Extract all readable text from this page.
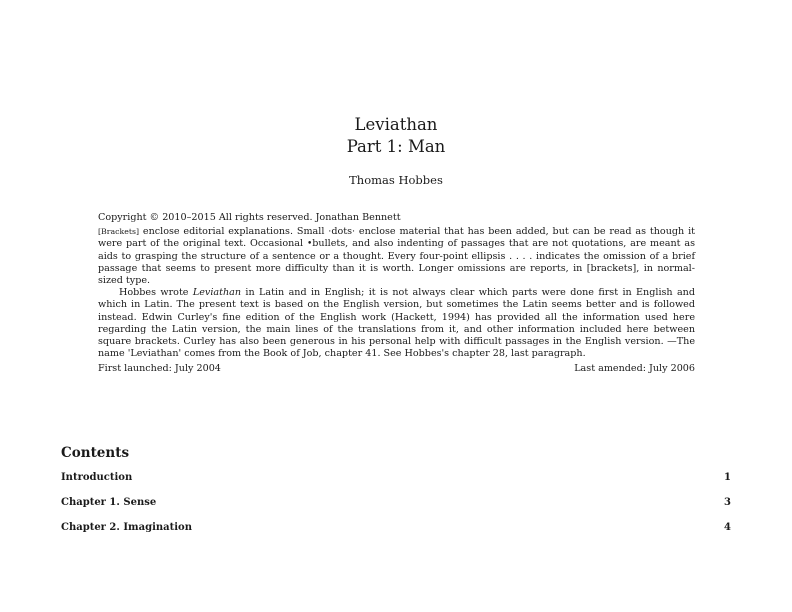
Leviathan
Part 1: Man
Thomas Hobbes

Copyright © 2010–2015 All rights reserved. Jonathan Bennett

[Brackets] enclose editorial explanations. Small ·dots· enclose material that has been added, but can be read as though it were part of the original text. Occasional •bullets, and also indenting of passages that are not quotations, are meant as aids to grasping the structure of a sentence or a thought. Every four-point ellipsis . . . . indicates the omission of a brief passage that seems to present more difficulty than it is worth. Longer omissions are reports, in [brackets], in normal-sized type.

Hobbes wrote Leviathan in Latin and in English; it is not always clear which parts were done first in English and which in Latin. The present text is based on the English version, but sometimes the Latin seems better and is followed instead. Edwin Curley's fine edition of the English work (Hackett, 1994) has provided all the information used here regarding the Latin version, the main lines of the translations from it, and other information included here between square brackets. Curley has also been generous in his personal help with difficult passages in the English version. —The name 'Leviathan' comes from the Book of Job, chapter 41. See Hobbes's chapter 28, last paragraph.

First launched: July 2004	Last amended: July 2006
Contents
Introduction	1
Chapter 1. Sense	3
Chapter 2. Imagination	4
